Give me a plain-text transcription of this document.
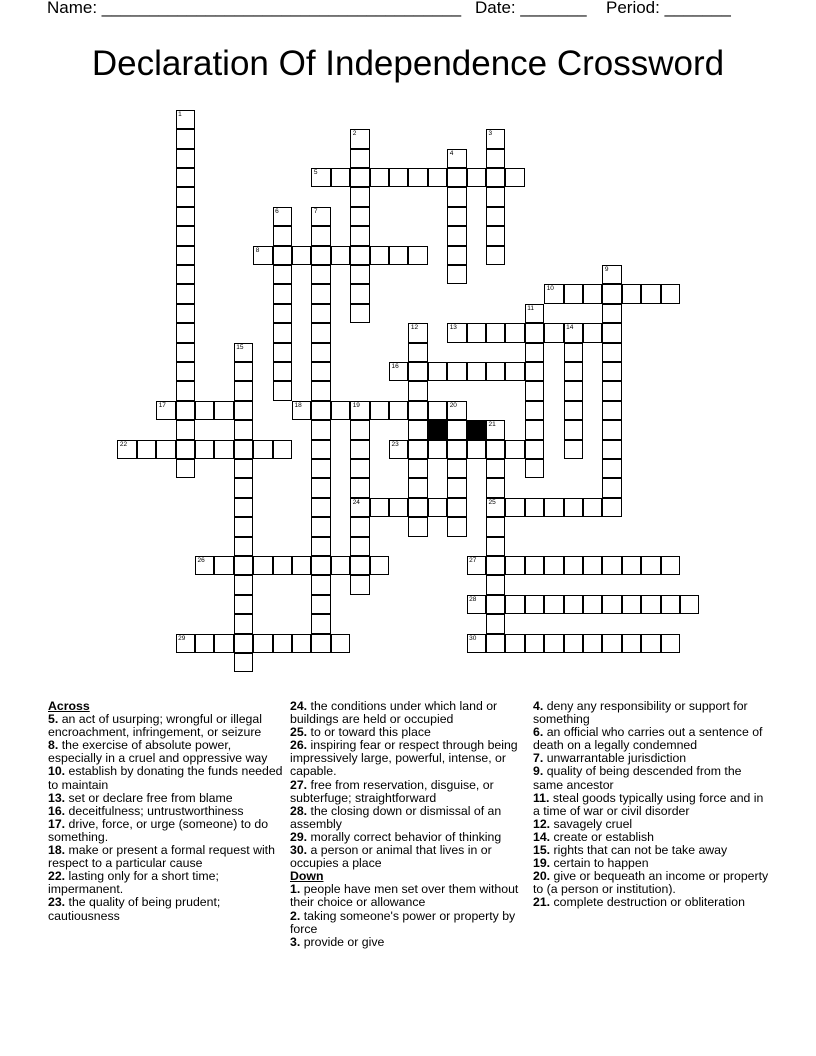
Name: ______________________________________ Date: _______ Period: _______
Declaration Of Independence Crossword
1
2	3
4
5
6	7
8
9
10
11
12	13	14
15
16
17	18	19	20
24
21
25
22	23
26	27
28
29	30
Across
5. an act of usurping; wrongful or illegal encroachment, infringement, or seizure
8. the exercise of absolute power, especially in a cruel and oppressive way
10. establish by donating the funds needed to maintain
13. set or declare free from blame
16. deceitfulness; untrustworthiness
17. drive, force, or urge (someone) to do something.
18. make or present a formal request with respect to a particular cause
22. lasting only for a short time; impermanent.
23. the quality of being prudent; cautiousness
24. the conditions under which land or buildings are held or occupied
25. to or toward this place
26. inspiring fear or respect through being impressively large, powerful, intense, or capable.
27. free from reservation, disguise, or subterfuge; straightforward
28. the closing down or dismissal of an assembly
29. morally correct behavior of thinking
30. a person or animal that lives in or occupies a place
Down
1. people have men set over them without their choice or allowance
2. taking someone's power or property by force
3. provide or give
4. deny any responsibility or support for something
6. an official who carries out a sentence of death on a legally condemned
7. unwarrantable jurisdiction
9. quality of being descended from the same ancestor
11. steal goods typically using force and in a time of war or civil disorder
12. savagely cruel
14. create or establish
15. rights that can not be take away
19. certain to happen
20. give or bequeath an income or property to (a person or institution).
21. complete destruction or obliteration
